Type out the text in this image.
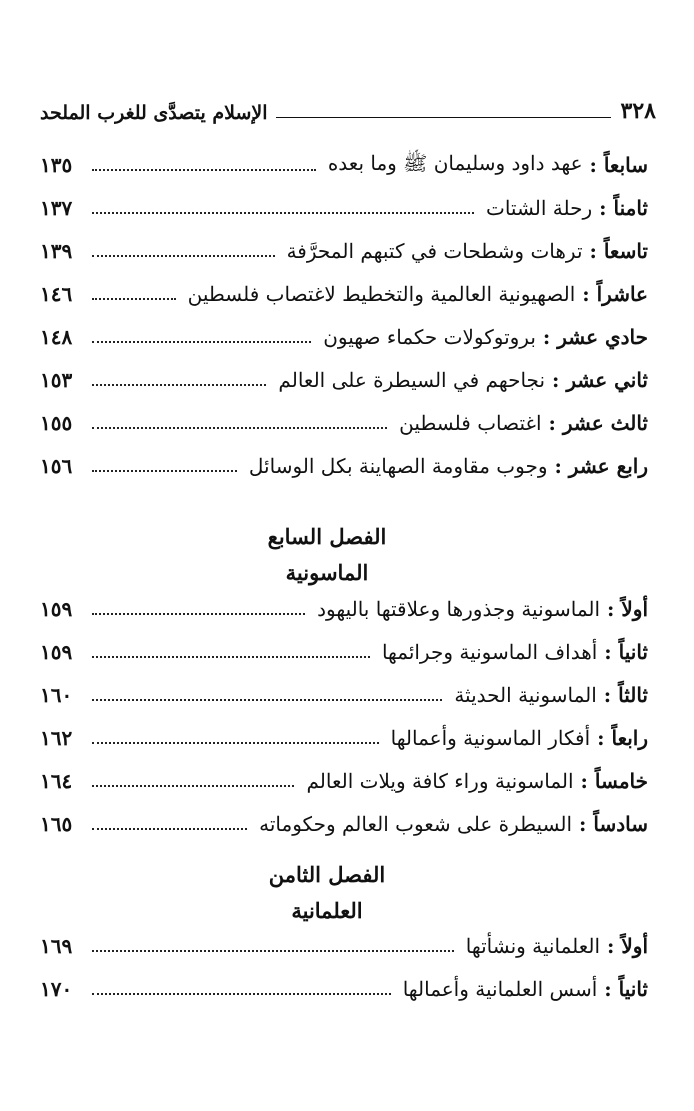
الإسلام يتصدَّى للغرب الملحد	٣٢٨
سابعاً
:
عهد داود وسليمان ﷺ وما بعده
١٣٥
ثامناً
:
رحلة الشتات
١٣٧
تاسعاً
:
ترهات وشطحات في كتبهم المحرَّفة
١٣٩
عاشراً
:
الصهيونية العالمية والتخطيط لاغتصاب فلسطين
١٤٦
حادي عشر
:
بروتوكولات حكماء صهيون
١٤٨
ثاني عشر
:
نجاحهم في السيطرة على العالم
١٥٣
ثالث عشر
:
اغتصاب فلسطين
١٥٥
رابع عشر
:
وجوب مقاومة الصهاينة بكل الوسائل
١٥٦
الفصل السابع
الماسونية
أولاً
:
الماسونية وجذورها وعلاقتها باليهود
١٥٩
ثانياً
:
أهداف الماسونية وجرائمها
١٥٩
ثالثاً
:
الماسونية الحديثة
١٦٠
رابعاً
:
أفكار الماسونية وأعمالها
١٦٢
خامساً
:
الماسونية وراء كافة ويلات العالم
١٦٤
سادساً
:
السيطرة على شعوب العالم وحكوماته
١٦٥
الفصل الثامن
العلمانية
أولاً
:
العلمانية ونشأتها
١٦٩
ثانياً
:
أسس العلمانية وأعمالها
١٧٠
